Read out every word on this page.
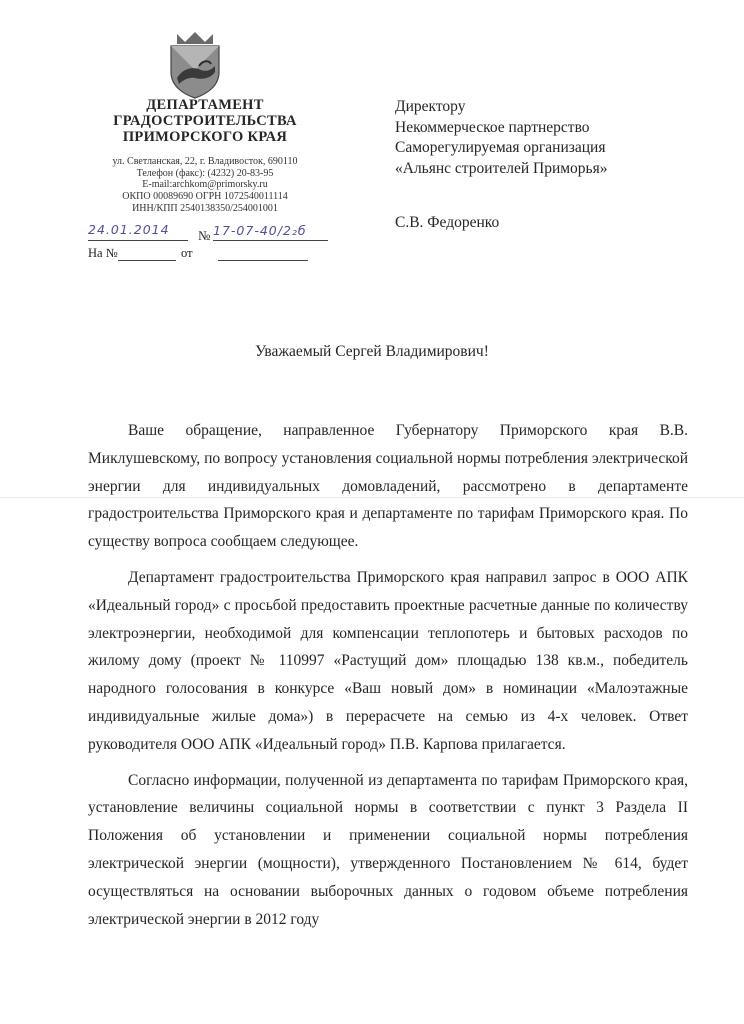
ДЕПАРТАМЕНТ
ГРАДОСТРОИТЕЛЬСТВА
ПРИМОРСКОГО КРАЯ
ул. Светланская, 22, г. Владивосток, 690110
Телефон (факс): (4232) 20-83-95
E-mail:archkom@primorsky.ru
ОКПО 00089690 ОГРН 1072540011114
ИНН/КПП 2540138350/254001001
24.01.2014 № 17-07-40/2₂б
На №	от
Директору
Некоммерческое партнерство
Саморегулируемая организация
«Альянс строителей Приморья»
С.В. Федоренко
Уважаемый Сергей Владимирович!

Ваше обращение, направленное Губернатору Приморского края В.В. Миклушевскому, по вопросу установления социальной нормы потребления электрической энергии для индивидуальных домовладений, рассмотрено в департаменте градостроительства Приморского края и департаменте по тарифам Приморского края. По существу вопроса сообщаем следующее.

Департамент градостроительства Приморского края направил запрос в ООО АПК «Идеальный город» с просьбой предоставить проектные расчетные данные по количеству электроэнергии, необходимой для компенсации теплопотерь и бытовых расходов по жилому дому (проект № 110997 «Растущий дом» площадью 138 кв.м., победитель народного голосования в конкурсе «Ваш новый дом» в номинации «Малоэтажные индивидуальные жилые дома») в перерасчете на семью из 4-х человек. Ответ руководителя ООО АПК «Идеальный город» П.В. Карпова прилагается.

Согласно информации, полученной из департамента по тарифам Приморского края, установление величины социальной нормы в соответствии с пункт 3 Раздела II Положения об установлении и применении социальной нормы потребления электрической энергии (мощности), утвержденного Постановлением № 614, будет осуществляться на основании выборочных данных о годовом объеме потребления электрической энергии в 2012 году
